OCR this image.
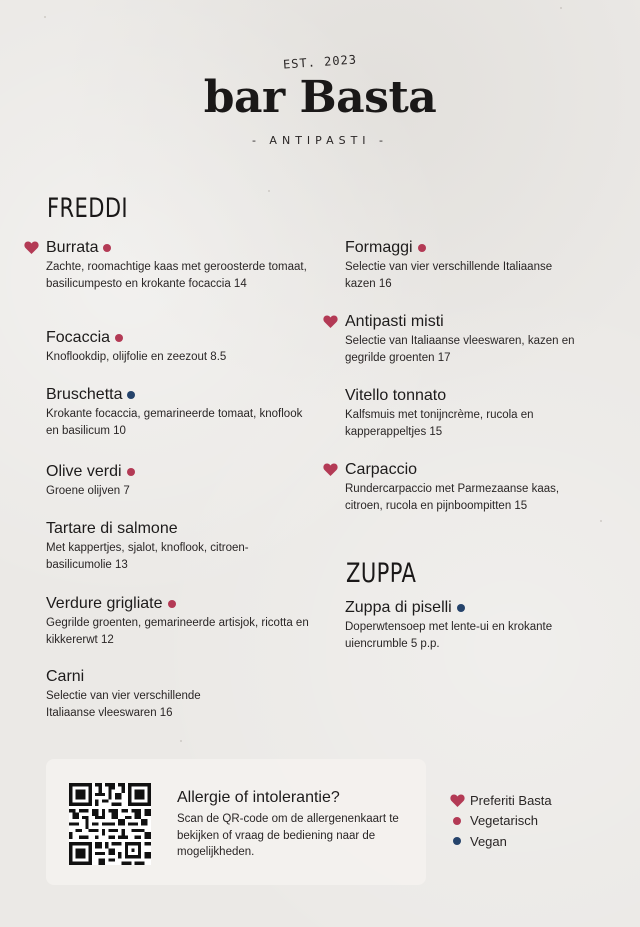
EST. 2023
bar Basta
- ANTIPASTI -
FREDDI
Burrata
Zachte, roomachtige kaas met geroosterde tomaat, basilicumpesto en krokante focaccia 14
Focaccia
Knoflookdip, olijfolie en zeezout 8.5
Bruschetta
Krokante focaccia, gemarineerde tomaat, knoflook en basilicum 10
Olive verdi
Groene olijven 7
Tartare di salmone
Met kappertjes, sjalot, knoflook, citroen-basilicumolie 13
Verdure grigliate
Gegrilde groenten, gemarineerde artisjok, ricotta en kikkererwt 12
Carni
Selectie van vier verschillende Italiaanse vleeswaren 16
Formaggi
Selectie van vier verschillende Italiaanse kazen 16
Antipasti misti
Selectie van Italiaanse vleeswaren, kazen en gegrilde groenten 17
Vitello tonnato
Kalfsmuis met tonijncrème, rucola en kapperappeltjes 15
Carpaccio
Rundercarpaccio met Parmezaanse kaas, citroen, rucola en pijnboompitten 15
ZUPPA
Zuppa di piselli
Doperwtensoep met lente-ui en krokante uiencrumble 5 p.p.
Allergie of intolerantie?
Scan de QR-code om de allergenenkaart te bekijken of vraag de bediening naar de mogelijkheden.
Preferiti Basta
Vegetarisch
Vegan
